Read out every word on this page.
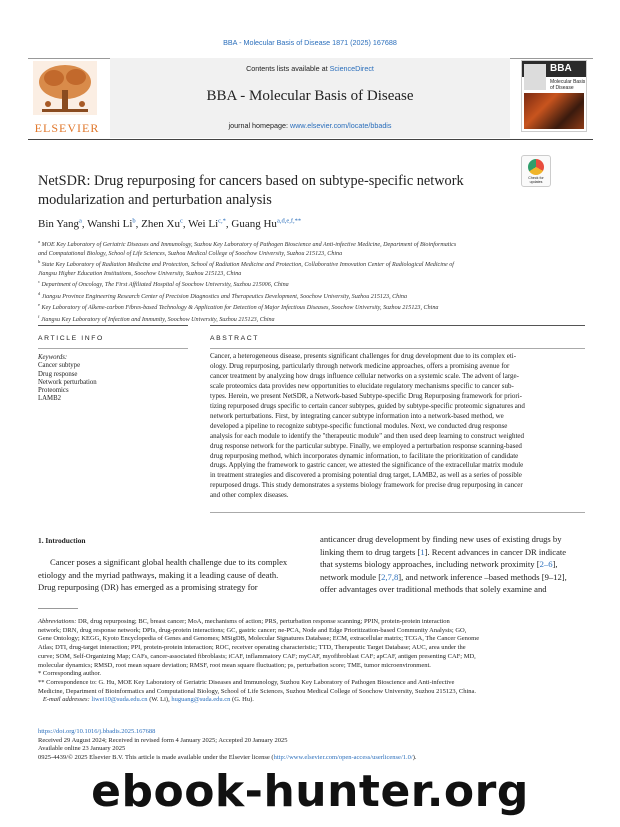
BBA - Molecular Basis of Disease 1871 (2025) 167688
ELSEVIER
Contents lists available at ScienceDirect
BBA - Molecular Basis of Disease
journal homepage: www.elsevier.com/locate/bbadis
BBA
Molecular Basis of Disease
NetSDR: Drug repurposing for cancers based on subtype-specific network
modularization and perturbation analysis
Check for updates
Bin Yang$^a$, Wanshi Li$^b$, Zhen Xu$^c$, Wei $Li^{c,*}$, Guang $Hu^{a,d,e,f,**}$
$^a$ MOE Key Laboratory of Geriatric Diseases and Immunology, Suzhou Key Laboratory of Pathogen Bioscience and Anti-infective Medicine, Department of Bioinformatics
and Computational Biology, School of Life Sciences, Suzhou Medical College of Soochow University, Suzhou 215123, China
$^b$ State Key Laboratory of Radiation Medicine and Protection, School of Radiation Medicine and Protection, Collaborative Innovation Center of Radiological Medicine of
Jiangsu Higher Education Institutions, Soochow University, Suzhou 215123, China
$^c$ Department of Oncology, The First Affiliated Hospital of Soochow University, Suzhou 215006, China
$^d$ Jiangsu Province Engineering Research Center of Precision Diagnostics and Therapeutics Development, Soochow University, Suzhou 215123, China
$^e$ Key Laboratory of Alkene-carbon Fibres-based Technology & Application for Detection of Major Infectious Diseases, Soochow University, Suzhou 215123, China
$^f$ Jiangsu Key Laboratory of Infection and Immunity, Soochow University, Suzhou 215123, China
ARTICLE INFO	ABSTRACT
Keywords:
Cancer subtype
Drug response
Network perturbation
Proteomics
LAMB2
Cancer, a heterogeneous disease, presents significant challenges for drug development due to its complex eti-
ology. Drug repurposing, particularly through network medicine approaches, offers a promising avenue for
cancer treatment by analyzing how drugs influence cellular networks on a systemic scale. The advent of large-
scale proteomics data provides new opportunities to elucidate regulatory mechanisms specific to cancer sub-
types. Herein, we present NetSDR, a Network-based Subtype-specific Drug Repurposing framework for priori-
tizing repurposed drugs specific to certain cancer subtypes, guided by subtype-specific proteomic signatures and
network perturbations. First, by integrating cancer subtype information into a network-based method, we
developed a pipeline to recognize subtype-specific functional modules. Next, we conducted drug response
analysis for each module to identify the "therapeutic module" and then used deep learning to construct weighted
drug response network for the particular subtype. Finally, we employed a perturbation response scanning-based
drug repurposing method, which incorporates dynamic information, to facilitate the prioritization of candidate
drugs. Applying the framework to gastric cancer, we attested the significance of the extracellular matrix module
in treatment strategies and discovered a promising potential drug target, LAMB2, as well as a series of possible
repurposed drugs. This study demonstrates a systems biology framework for precise drug repurposing in cancer
and other complex diseases.
1. Introduction
Cancer poses a significant global health challenge due to its complex
etiology and the myriad pathways, making it a leading cause of death.
Drug repurposing (DR) has emerged as a promising strategy for
anticancer drug development by finding new uses of existing drugs by
linking them to drug targets [1]. Recent advances in cancer DR indicate
that systems biology approaches, including network proximity [2–6],
network module [2,7,8], and network inference –based methods [9–12],
offer advantages over traditional methods that solely examine and
Abbreviations: DR, drug repurposing; BC, breast cancer; MoA, mechanisms of action; PRS, perturbation response scanning; PPIN, protein-protein interaction
network; DRN, drug response network; DPIs, drug-protein interactions; GC, gastric cancer; ne-PCA, Node and Edge Prioritization-based Community Analysis; GO,
Gene Ontology; KEGG, Kyoto Encyclopedia of Genes and Genomes; MSigDB, Molecular Signatures Database; ECM, extracellular matrix; TCGA, The Cancer Genome
Atlas; DTI, drug-target interaction; PPI, protein-protein interaction; ROC, receiver operating characteristic; TTD, Therapeutic Target Database; AUC, area under the
curve; SOM, Self-Organizing Map; CAFs, cancer-associated fibroblasts; iCAF, inflammatory CAF; myCAF, myofibroblast CAF; apCAF, antigen presenting CAF; MD,
molecular dynamics; RMSD, root mean square deviation; RMSF, root mean square fluctuation; ps, perturbation score; TME, tumor microenvironment.
* Corresponding author.
** Correspondence to: G. Hu, MOE Key Laboratory of Geriatric Diseases and Immunology, Suzhou Key Laboratory of Pathogen Bioscience and Anti-infective
Medicine, Department of Bioinformatics and Computational Biology, School of Life Sciences, Suzhou Medical College of Soochow University, Suzhou 215123, China.
E-mail addresses: liwei10@suda.edu.cn (W. Li), huguang@suda.edu.cn (G. Hu).
https://doi.org/10.1016/j.bbadis.2025.167688
Received 29 August 2024; Received in revised form 4 January 2025; Accepted 20 January 2025
Available online 23 January 2025
0925-4439/© 2025 Elsevier B.V. This article is made available under the Elsevier license (http://www.elsevier.com/open-access/userlicense/1.0/).
ebook-hunter.org
